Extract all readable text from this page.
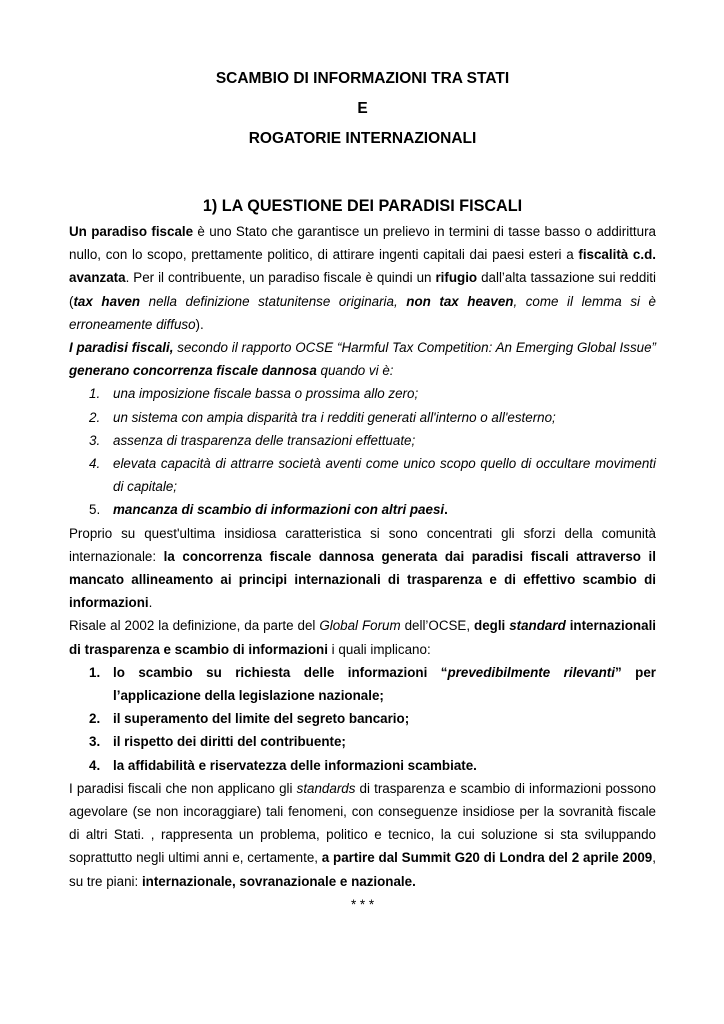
SCAMBIO DI INFORMAZIONI TRA STATI
E
ROGATORIE INTERNAZIONALI
1) LA QUESTIONE DEI PARADISI FISCALI

Un paradiso fiscale è uno Stato che garantisce un prelievo in termini di tasse basso o addirittura nullo, con lo scopo, prettamente politico, di attirare ingenti capitali dai paesi esteri a fiscalità c.d. avanzata. Per il contribuente, un paradiso fiscale è quindi un rifugio dall’alta tassazione sui redditi (tax haven nella definizione statunitense originaria, non tax heaven, come il lemma si è erroneamente diffuso).

I paradisi fiscali, secondo il rapporto OCSE “Harmful Tax Competition: An Emerging Global Issue” generano concorrenza fiscale dannosa quando vi è:

1. una imposizione fiscale bassa o prossima allo zero;
2. un sistema con ampia disparità tra i redditi generati all'interno o all'esterno;
3. assenza di trasparenza delle transazioni effettuate;
4. elevata capacità di attrarre società aventi come unico scopo quello di occultare movimenti di capitale;
5. mancanza di scambio di informazioni con altri paesi.

Proprio su quest'ultima insidiosa caratteristica si sono concentrati gli sforzi della comunità internazionale: la concorrenza fiscale dannosa generata dai paradisi fiscali attraverso il mancato allineamento ai principi internazionali di trasparenza e di effettivo scambio di informazioni.

Risale al 2002 la definizione, da parte del Global Forum dell’OCSE, degli standard internazionali di trasparenza e scambio di informazioni i quali implicano:

1. lo scambio su richiesta delle informazioni “prevedibilmente rilevanti” per l’applicazione della legislazione nazionale;
2. il superamento del limite del segreto bancario;
3. il rispetto dei diritti del contribuente;
4. la affidabilità e riservatezza delle informazioni scambiate.

I paradisi fiscali che non applicano gli standards di trasparenza e scambio di informazioni possono agevolare (se non incoraggiare) tali fenomeni, con conseguenze insidiose per la sovranità fiscale di altri Stati. , rappresenta un problema, politico e tecnico, la cui soluzione si sta sviluppando soprattutto negli ultimi anni e, certamente, a partire dal Summit G20 di Londra del 2 aprile 2009, su tre piani: internazionale, sovranazionale e nazionale.

* * *
